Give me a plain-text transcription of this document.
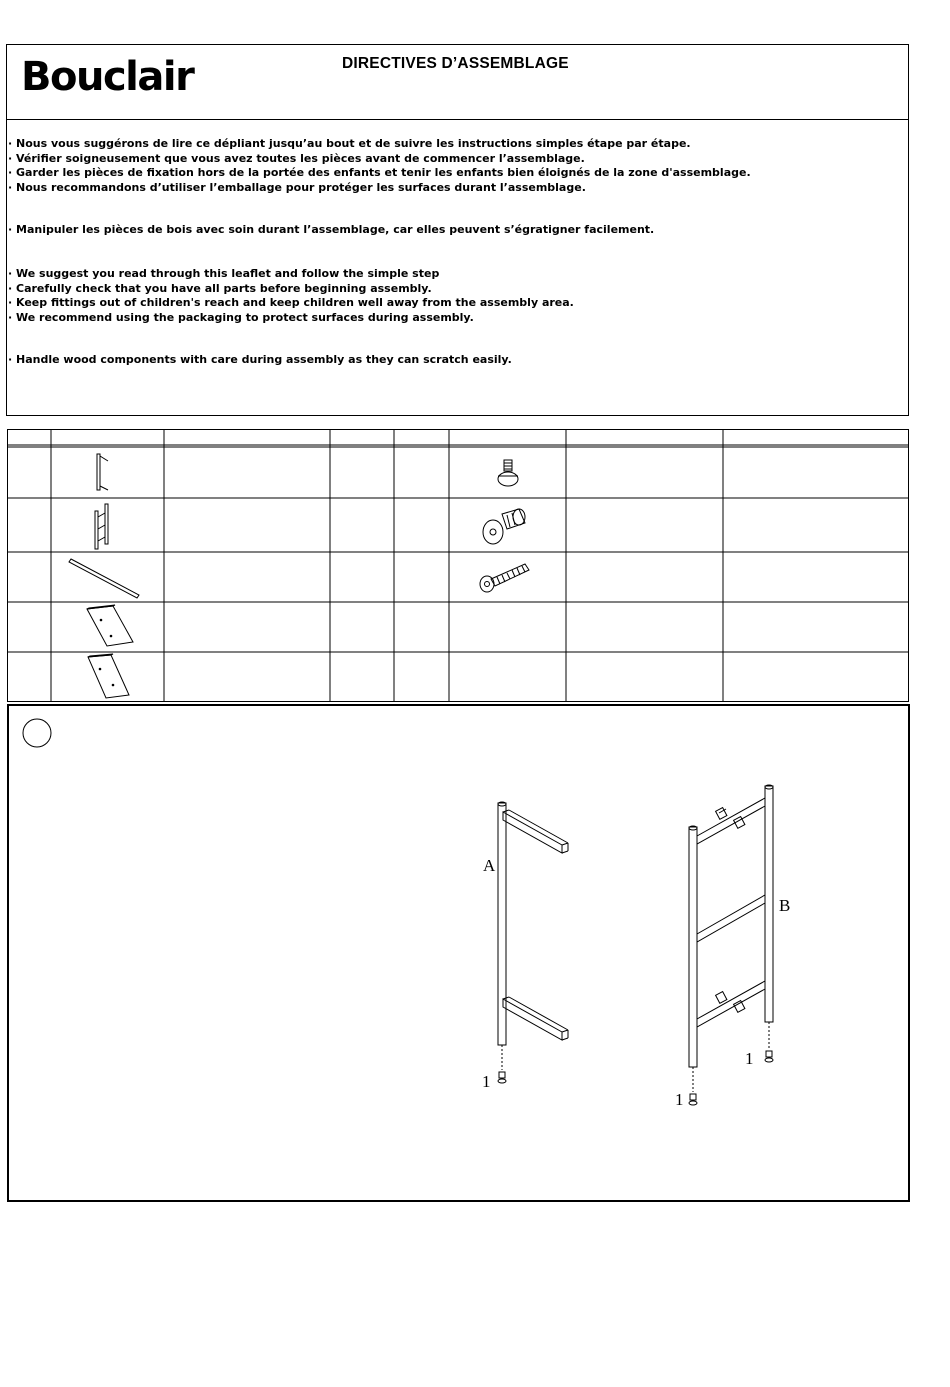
Bouclair	DIRECTIVES D’ASSEMBLAGE
· Nous vous suggérons de lire ce dépliant jusqu’au bout et de suivre les instructions simples étape par étape.
· Vérifier soigneusement que vous avez toutes les pièces avant de commencer l’assemblage.
· Garder les pièces de fixation hors de la portée des enfants et tenir les enfants bien éloignés de la zone d'assemblage.
· Nous recommandons d’utiliser l’emballage pour protéger les surfaces durant l’assemblage.
· Manipuler les pièces de bois avec soin durant l’assemblage, car elles peuvent s’égratigner facilement.
· We suggest you read through this leaflet and follow the simple step
· Carefully check that you have all parts before beginning assembly.
· Keep fittings out of children's reach and keep children well away from the assembly area.
· We recommend using the packaging to protect surfaces during assembly.
· Handle wood components with care during assembly as they can scratch easily.
A
1
B
1
1
